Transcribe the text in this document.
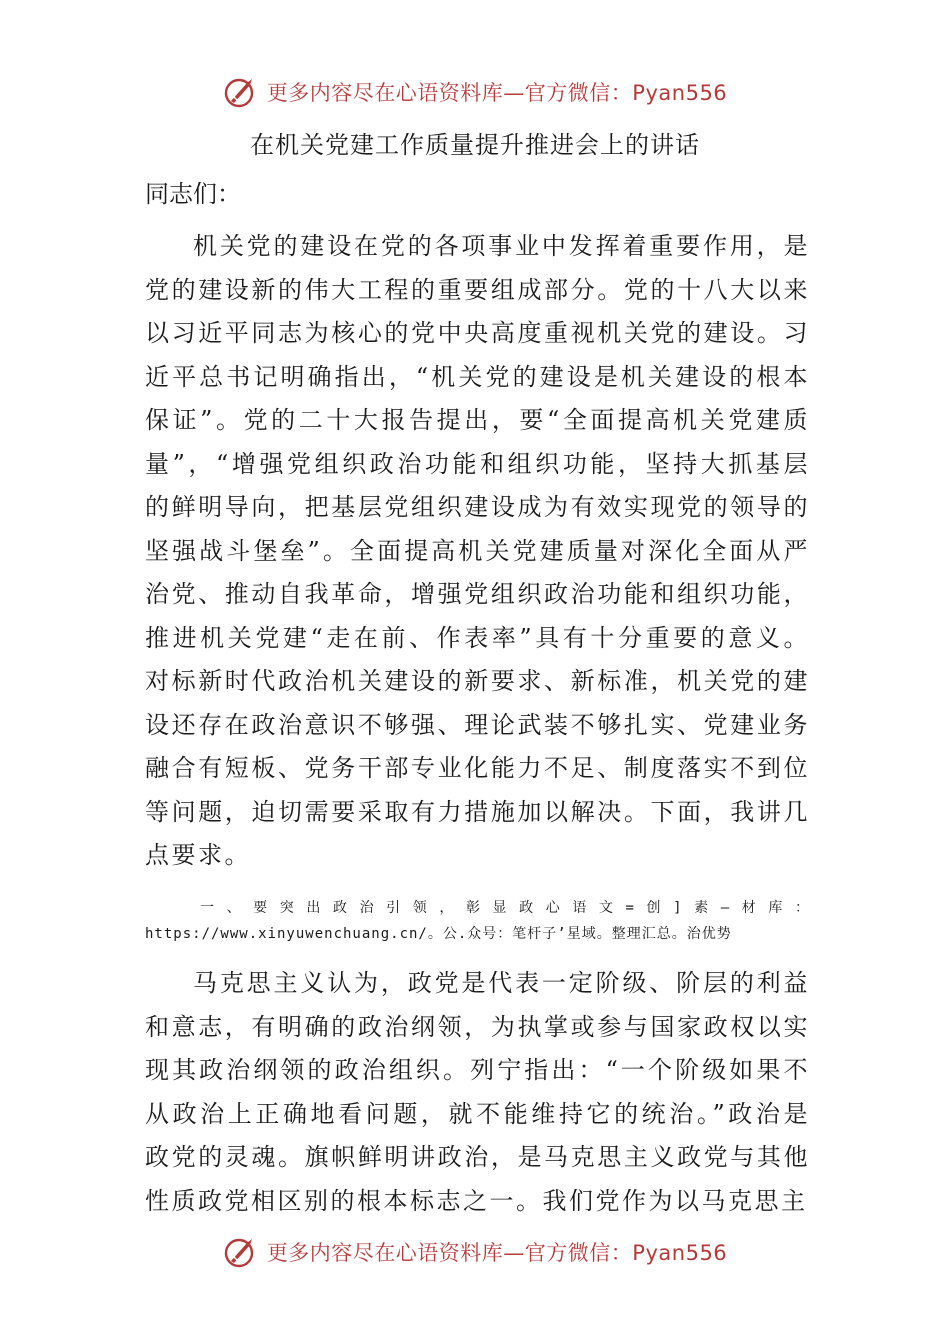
更多内容尽在心语资料库—官方微信：Pyan556
在机关党建工作质量提升推进会上的讲话
同志们：

机关党的建设在党的各项事业中发挥着重要作用，是党的建设新的伟大工程的重要组成部分。党的十八大以来以习近平同志为核心的党中央高度重视机关党的建设。习近平总书记明确指出，“机关党的建设是机关建设的根本保证”。党的二十大报告提出，要“全面提高机关党建质量”，“增强党组织政治功能和组织功能，坚持大抓基层的鲜明导向，把基层党组织建设成为有效实现党的领导的坚强战斗堡垒”。全面提高机关党建质量对深化全面从严治党、推动自我革命，增强党组织政治功能和组织功能，推进机关党建“走在前、作表率”具有十分重要的意义。对标新时代政治机关建设的新要求、新标准，机关党的建设还存在政治意识不够强、理论武装不够扎实、党建业务融合有短板、党务干部专业化能力不足、制度落实不到位等问题，迫切需要采取有力措施加以解决。下面，我讲几点要求。

一、要突出政治引领，彰显政心语文=创]素—材库：https://www.xinyuwenchuang.cn/。公.众号：笔杆子’星域。整理汇总。治优势

马克思主义认为，政党是代表一定阶级、阶层的利益和意志，有明确的政治纲领，为执掌或参与国家政权以实现其政治纲领的政治组织。列宁指出：“一个阶级如果不从政治上正确地看问题，就不能维持它的统治。”政治是政党的灵魂。旗帜鲜明讲政治，是马克思主义政党与其他性质政党相区别的根本标志之一。我们党作为以马克思主

更多内容尽在心语资料库—官方微信：Pyan556
